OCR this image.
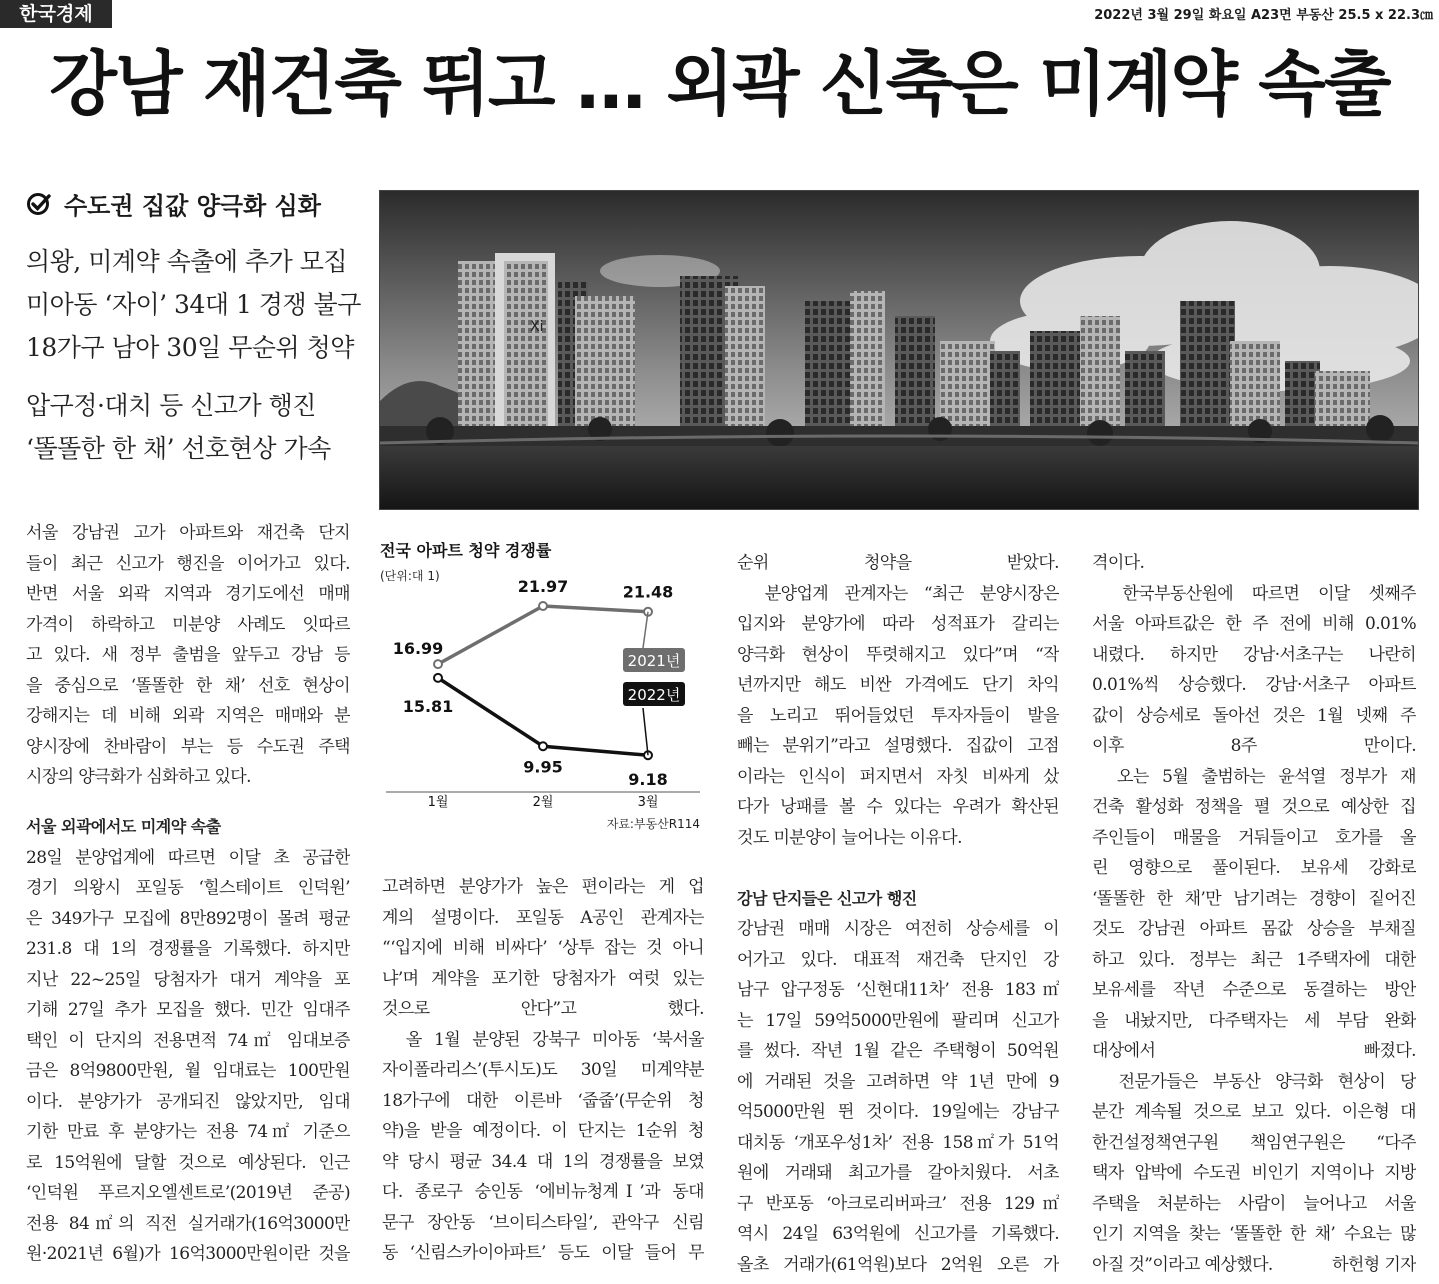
한국경제	2022년 3월 29일 화요일 A23면 부동산 25.5 x 22.3㎝
강남 재건축 뛰고 … 외곽 신축은 미계약 속출
수도권 집값 양극화 심화
의왕, 미계약 속출에 추가 모집
미아동 ‘자이’ 34대 1 경쟁 불구
18가구 남아 30일 무순위 청약
압구정·대치 등 신고가 행진
‘똘똘한 한 채’ 선호현상 가속
Xi
전국 아파트 청약 경쟁률
(단위:대 1)
1월	2월	3월
16.99
21.97	21.48
2021년
15.81
9.95
9.18
2022년
자료:부동산R114

서울 강남권 고가 아파트와 재건축 단지

들이 최근 신고가 행진을 이어가고 있다.

반면 서울 외곽 지역과 경기도에선 매매

가격이 하락하고 미분양 사례도 잇따르

고 있다. 새 정부 출범을 앞두고 강남 등

을 중심으로 ‘똘똘한 한 채’ 선호 현상이

강해지는 데 비해 외곽 지역은 매매와 분

양시장에 찬바람이 부는 등 수도권 주택

시장의 양극화가 심화하고 있다.

서울 외곽에서도 미계약 속출

28일 분양업계에 따르면 이달 초 공급한

경기 의왕시 포일동 ‘힐스테이트 인덕원’

은 349가구 모집에 8만892명이 몰려 평균

231.8 대 1의 경쟁률을 기록했다. 하지만

지난 22~25일 당첨자가 대거 계약을 포

기해 27일 추가 모집을 했다. 민간 임대주

택인 이 단지의 전용면적 74㎡ 임대보증

금은 8억9800만원, 월 임대료는 100만원

이다. 분양가가 공개되진 않았지만, 임대

기한 만료 후 분양가는 전용 74㎡ 기준으

로 15억원에 달할 것으로 예상된다. 인근

‘인덕원 푸르지오엘센트로’(2019년 준공)

전용 84㎡의 직전 실거래가(16억3000만

원·2021년 6월)가 16억3000만원이란 것을

고려하면 분양가가 높은 편이라는 게 업

계의 설명이다. 포일동 A공인 관계자는

“‘입지에 비해 비싸다’ ‘상투 잡는 것 아니

냐’며 계약을 포기한 당첨자가 여럿 있는

것으로 안다”고 했다.

　올 1월 분양된 강북구 미아동 ‘북서울

자이폴라리스’(투시도)도 30일 미계약분

18가구에 대한 이른바 ‘줍줍’(무순위 청

약)을 받을 예정이다. 이 단지는 1순위 청

약 당시 평균 34.4 대 1의 경쟁률을 보였

다. 종로구 숭인동 ‘에비뉴청계Ⅰ’과 동대

문구 장안동 ‘브이티스타일’, 관악구 신림

동 ‘신림스카이아파트’ 등도 이달 들어 무

순위 청약을 받았다.

　분양업계 관계자는 “최근 분양시장은

입지와 분양가에 따라 성적표가 갈리는

양극화 현상이 뚜렷해지고 있다”며 “작

년까지만 해도 비싼 가격에도 단기 차익

을 노리고 뛰어들었던 투자자들이 발을

빼는 분위기”라고 설명했다. 집값이 고점

이라는 인식이 퍼지면서 자칫 비싸게 샀

다가 낭패를 볼 수 있다는 우려가 확산된

것도 미분양이 늘어나는 이유다.

강남 단지들은 신고가 행진

강남권 매매 시장은 여전히 상승세를 이

어가고 있다. 대표적 재건축 단지인 강

남구 압구정동 ‘신현대11차’ 전용 183㎡

는 17일 59억5000만원에 팔리며 신고가

를 썼다. 작년 1월 같은 주택형이 50억원

에 거래된 것을 고려하면 약 1년 만에 9

억5000만원 뛴 것이다. 19일에는 강남구

대치동 ‘개포우성1차’ 전용 158㎡가 51억

원에 거래돼 최고가를 갈아치웠다. 서초

구 반포동 ‘아크로리버파크’ 전용 129㎡

역시 24일 63억원에 신고가를 기록했다.

올초 거래가(61억원)보다 2억원 오른 가

격이다.

　한국부동산원에 따르면 이달 셋째주

서울 아파트값은 한 주 전에 비해 0.01%

내렸다. 하지만 강남·서초구는 나란히

0.01%씩 상승했다. 강남·서초구 아파트

값이 상승세로 돌아선 것은 1월 넷째 주

이후 8주 만이다.

　오는 5월 출범하는 윤석열 정부가 재

건축 활성화 정책을 펼 것으로 예상한 집

주인들이 매물을 거둬들이고 호가를 올

린 영향으로 풀이된다. 보유세 강화로

‘똘똘한 한 채’만 남기려는 경향이 짙어진

것도 강남권 아파트 몸값 상승을 부채질

하고 있다. 정부는 최근 1주택자에 대한

보유세를 작년 수준으로 동결하는 방안

을 내놨지만, 다주택자는 세 부담 완화

대상에서 빠졌다.

　전문가들은 부동산 양극화 현상이 당

분간 계속될 것으로 보고 있다. 이은형 대

한건설정책연구원 책임연구원은 “다주

택자 압박에 수도권 비인기 지역이나 지방

주택을 처분하는 사람이 늘어나고 서울

인기 지역을 찾는 ‘똘똘한 한 채’ 수요는 많

아질 것”이라고 예상했다.	하헌형 기자
